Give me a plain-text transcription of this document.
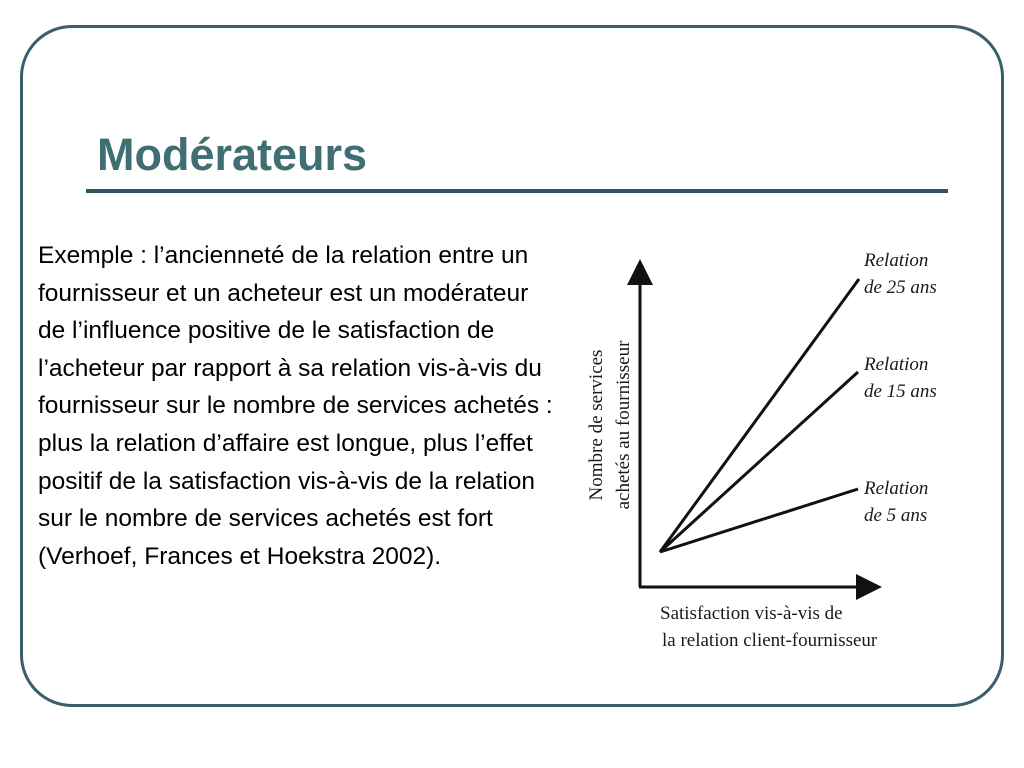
Modérateurs

Exemple : l’ancienneté de la relation entre un fournisseur et un acheteur est un modérateur de l’influence positive de le satisfaction de l’acheteur par rapport à sa relation vis-à-vis du fournisseur sur le nombre de services achetés : plus la relation d’affaire est longue, plus l’effet positif de la satisfaction vis-à-vis de la relation sur le nombre de services achetés est fort (Verhoef, Frances et Hoekstra 2002).

Relation
de 25 ans
Relation
de 15 ans
Relation
de 5 ans
Nombre de services achetés au fournisseur
Satisfaction vis-à-vis de
la relation client-fournisseur
